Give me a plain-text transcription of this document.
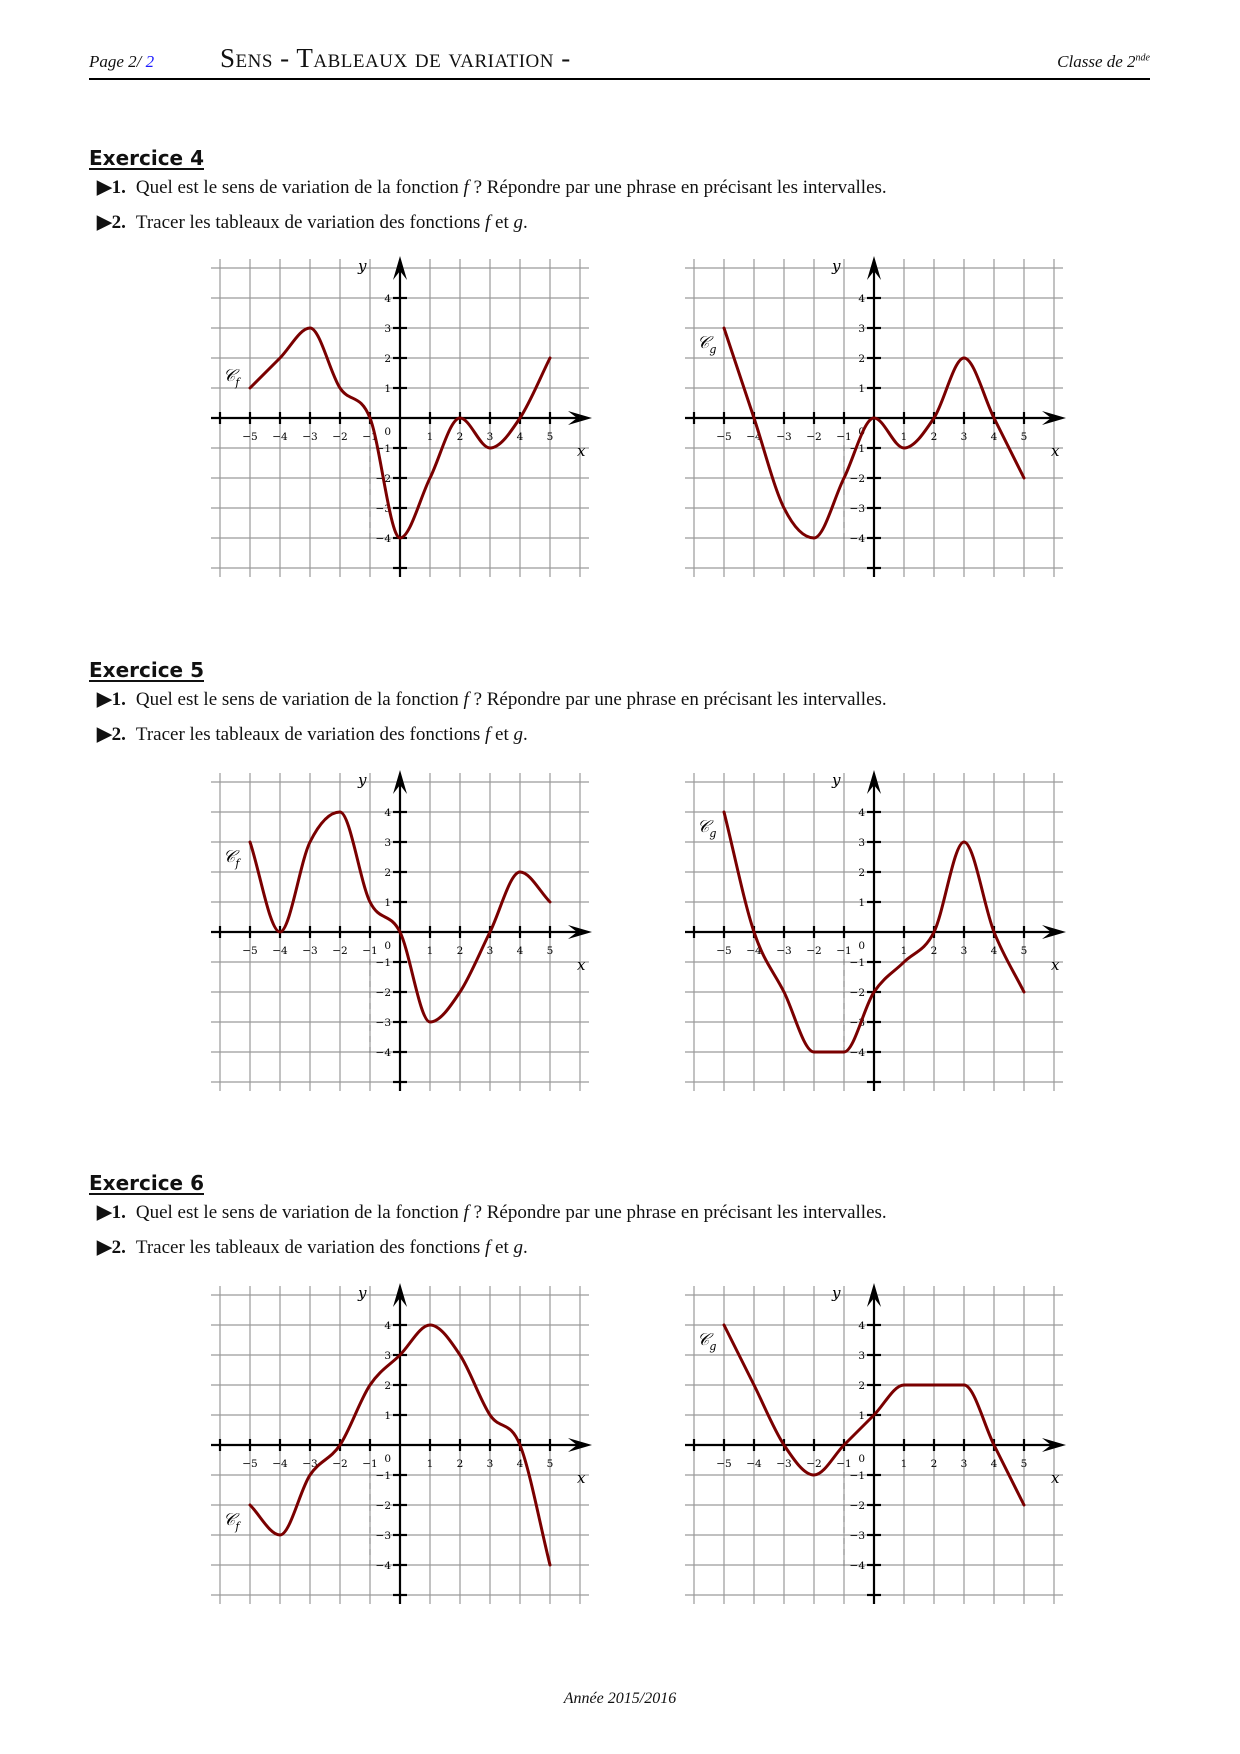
Page 2/ 2 Sens - Tableaux de variation -	Classe de 2nde
Exercice 4
▶1. Quel est le sens de variation de la fonction f ? Répondre par une phrase en précisant les intervalles.
▶2. Tracer les tableaux de variation des fonctions f et g.
Exercice 5
▶1. Quel est le sens de variation de la fonction f ? Répondre par une phrase en précisant les intervalles.
▶2. Tracer les tableaux de variation des fonctions f et g.
Exercice 6
▶1. Quel est le sens de variation de la fonction f ? Répondre par une phrase en précisant les intervalles.
▶2. Tracer les tableaux de variation des fonctions f et g.
−5 −4 −3 −2 −1	1 2 3 4 5
4
3
2
1
−1
−2
−3
−4
0
x
y
𝒞$_f$
−5 −4 −3 −2 −1	1 2 3 4 5
4
3
2
1
−1
−2
−3
−4
0
x
y
𝒞$_g$
−5 −4 −3 −2 −1	1 2 3 4 5
4
3
2
1
−1
−2
−3
−4
0
x
y
𝒞$_f$
−5 −4 −3 −2 −1	1 2 3 4 5
4
3
2
1
−1
−2
−3
−4
0
x
y
𝒞$_g$
−5 −4 −3 −2 −1	1 2 3 4 5
4
3
2
1
−1
−2
−3
−4
0
x
y
𝒞$_f$
−5 −4 −3 −2 −1	1 2 3 4 5
4
3
2
1
−1
−2
−3
−4
0
x
y
𝒞$_g$
Année 2015/2016
